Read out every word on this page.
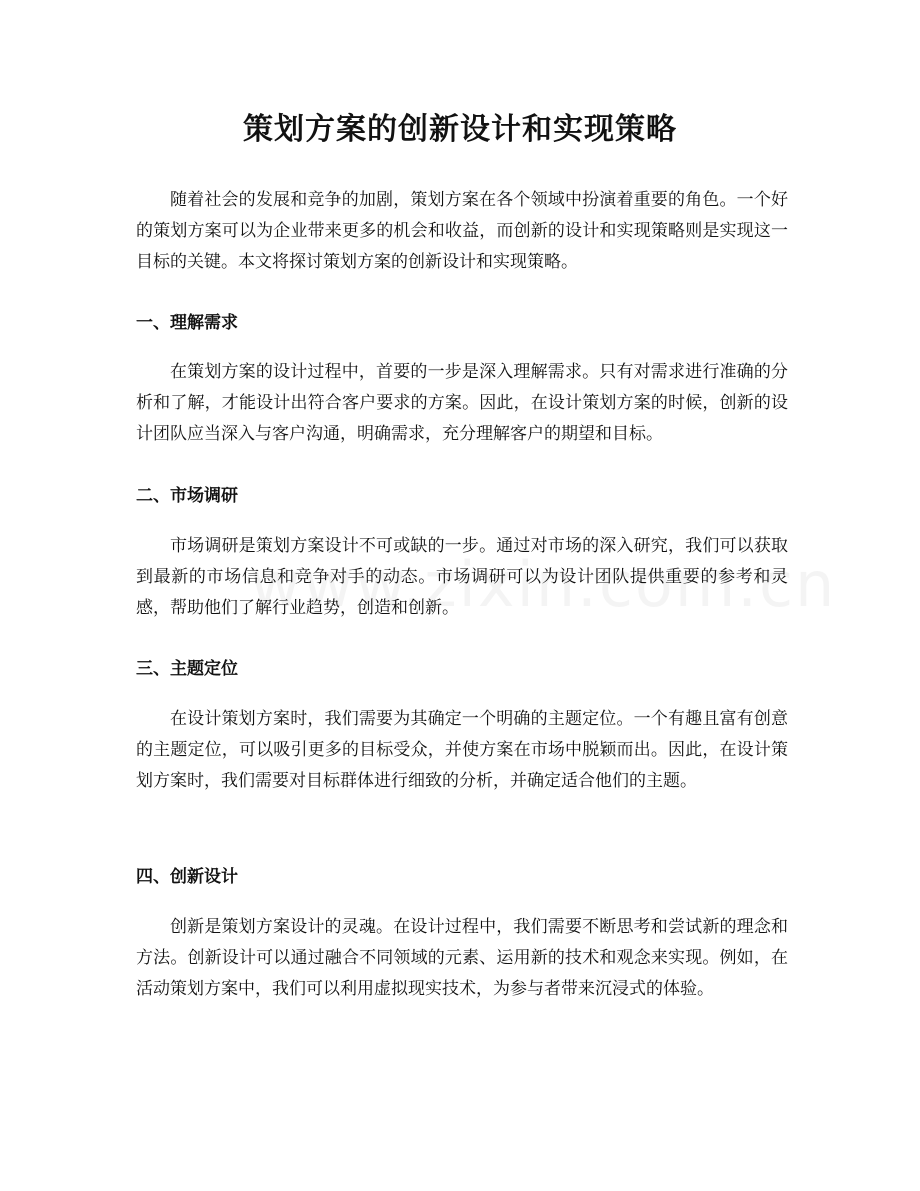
策划方案的创新设计和实现策略

随着社会的发展和竞争的加剧，策划方案在各个领域中扮演着重要的角色。一个好的策划方案可以为企业带来更多的机会和收益，而创新的设计和实现策略则是实现这一目标的关键。本文将探讨策划方案的创新设计和实现策略。

一、理解需求

在策划方案的设计过程中，首要的一步是深入理解需求。只有对需求进行准确的分析和了解，才能设计出符合客户要求的方案。因此，在设计策划方案的时候，创新的设计团队应当深入与客户沟通，明确需求，充分理解客户的期望和目标。

二、市场调研

市场调研是策划方案设计不可或缺的一步。通过对市场的深入研究，我们可以获取到最新的市场信息和竞争对手的动态。市场调研可以为设计团队提供重要的参考和灵感，帮助他们了解行业趋势，创造和创新。

三、主题定位

在设计策划方案时，我们需要为其确定一个明确的主题定位。一个有趣且富有创意的主题定位，可以吸引更多的目标受众，并使方案在市场中脱颖而出。因此，在设计策划方案时，我们需要对目标群体进行细致的分析，并确定适合他们的主题。

四、创新设计

创新是策划方案设计的灵魂。在设计过程中，我们需要不断思考和尝试新的理念和方法。创新设计可以通过融合不同领域的元素、运用新的技术和观念来实现。例如，在活动策划方案中，我们可以利用虚拟现实技术，为参与者带来沉浸式的体验。
